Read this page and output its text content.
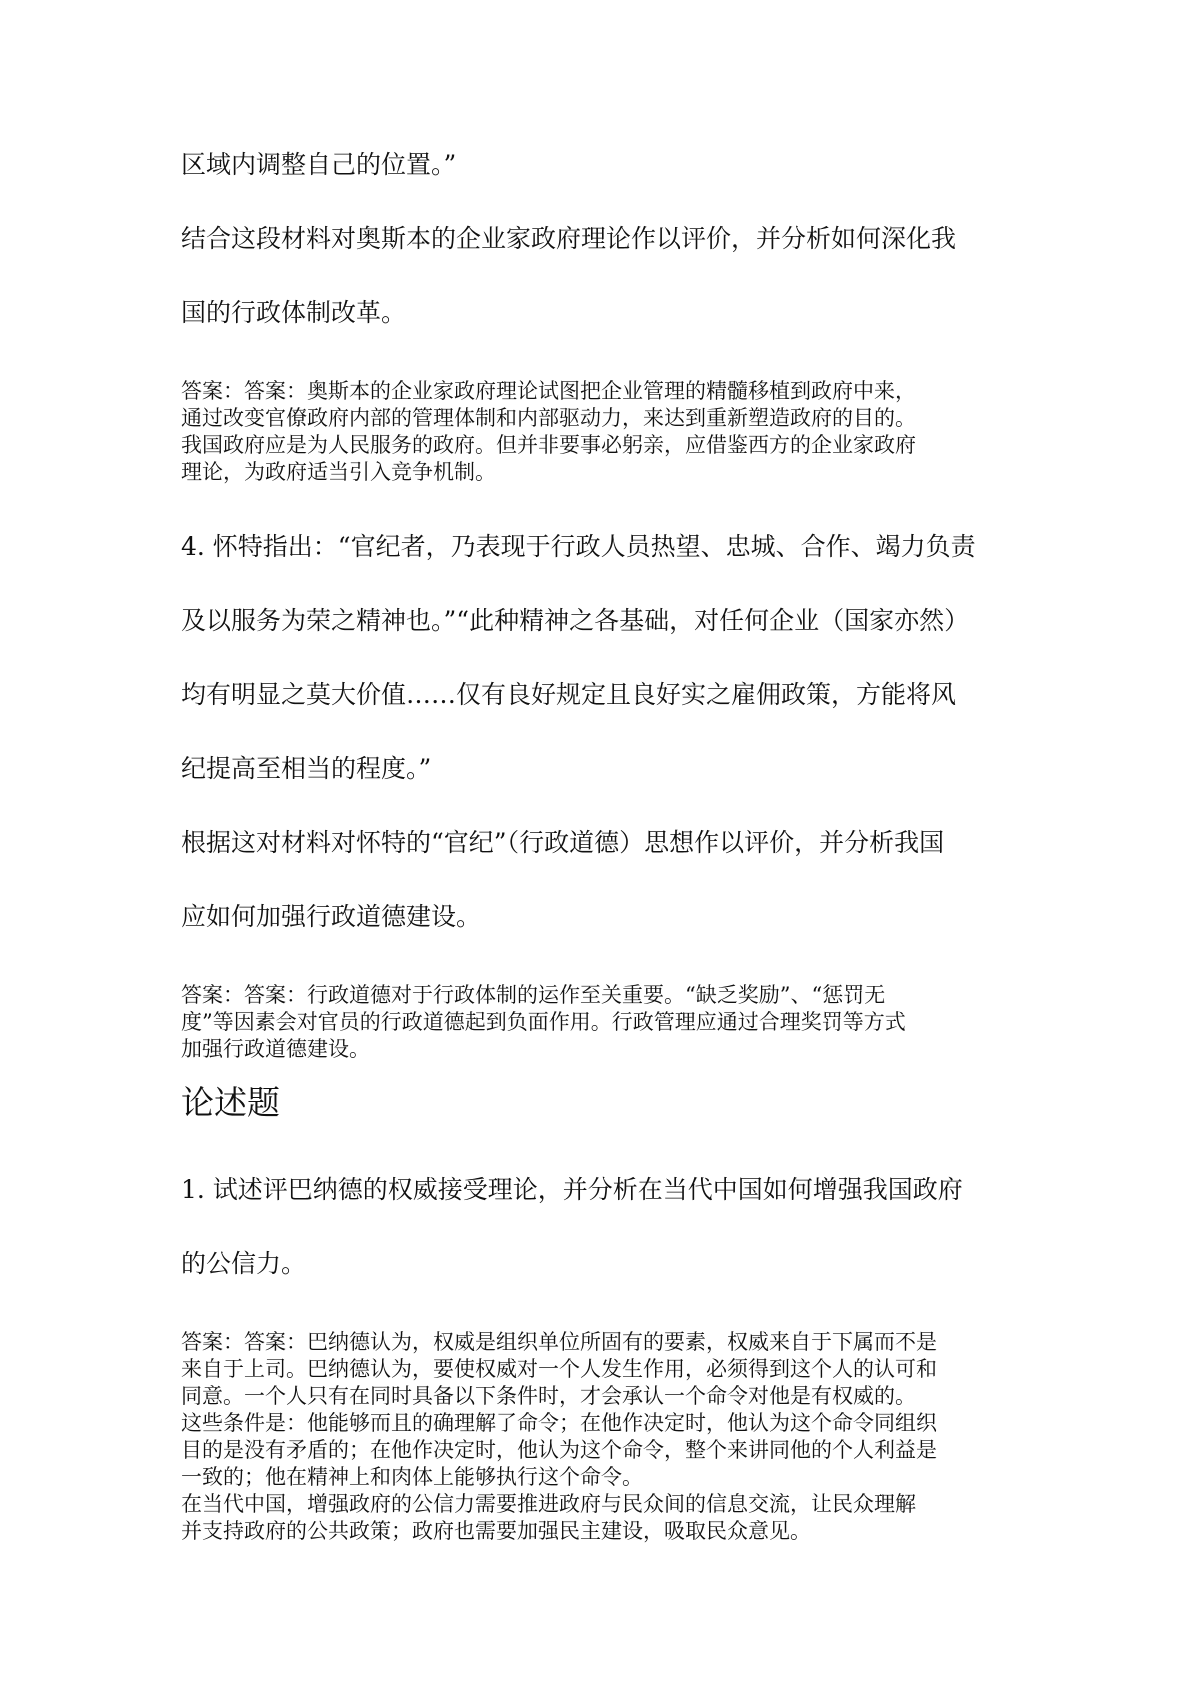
区域内调整自己的位置。”

结合这段材料对奥斯本的企业家政府理论作以评价，并分析如何深化我

国的行政体制改革。

答案：答案：奥斯本的企业家政府理论试图把企业管理的精髓移植到政府中来，
通过改变官僚政府内部的管理体制和内部驱动力，来达到重新塑造政府的目的。
我国政府应是为人民服务的政府。但并非要事必躬亲，应借鉴西方的企业家政府
理论，为政府适当引入竞争机制。

4. 怀特指出：“官纪者，乃表现于行政人员热望、忠城、合作、竭力负责

及以服务为荣之精神也。”“此种精神之各基础，对任何企业（国家亦然）

均有明显之莫大价值……仅有良好规定且良好实之雇佣政策，方能将风

纪提高至相当的程度。”

根据这对材料对怀特的“官纪”（行政道德）思想作以评价，并分析我国

应如何加强行政道德建设。

答案：答案：行政道德对于行政体制的运作至关重要。“缺乏奖励”、“惩罚无
度”等因素会对官员的行政道德起到负面作用。行政管理应通过合理奖罚等方式
加强行政道德建设。
论述题

1. 试述评巴纳德的权威接受理论，并分析在当代中国如何增强我国政府

的公信力。

答案：答案：巴纳德认为，权威是组织单位所固有的要素，权威来自于下属而不是
来自于上司。巴纳德认为，要使权威对一个人发生作用，必须得到这个人的认可和
同意。一个人只有在同时具备以下条件时，才会承认一个命令对他是有权威的。
这些条件是：他能够而且的确理解了命令；在他作决定时，他认为这个命令同组织
目的是没有矛盾的；在他作决定时，他认为这个命令，整个来讲同他的个人利益是
一致的；他在精神上和肉体上能够执行这个命令。
在当代中国，增强政府的公信力需要推进政府与民众间的信息交流，让民众理解
并支持政府的公共政策；政府也需要加强民主建设，吸取民众意见。
